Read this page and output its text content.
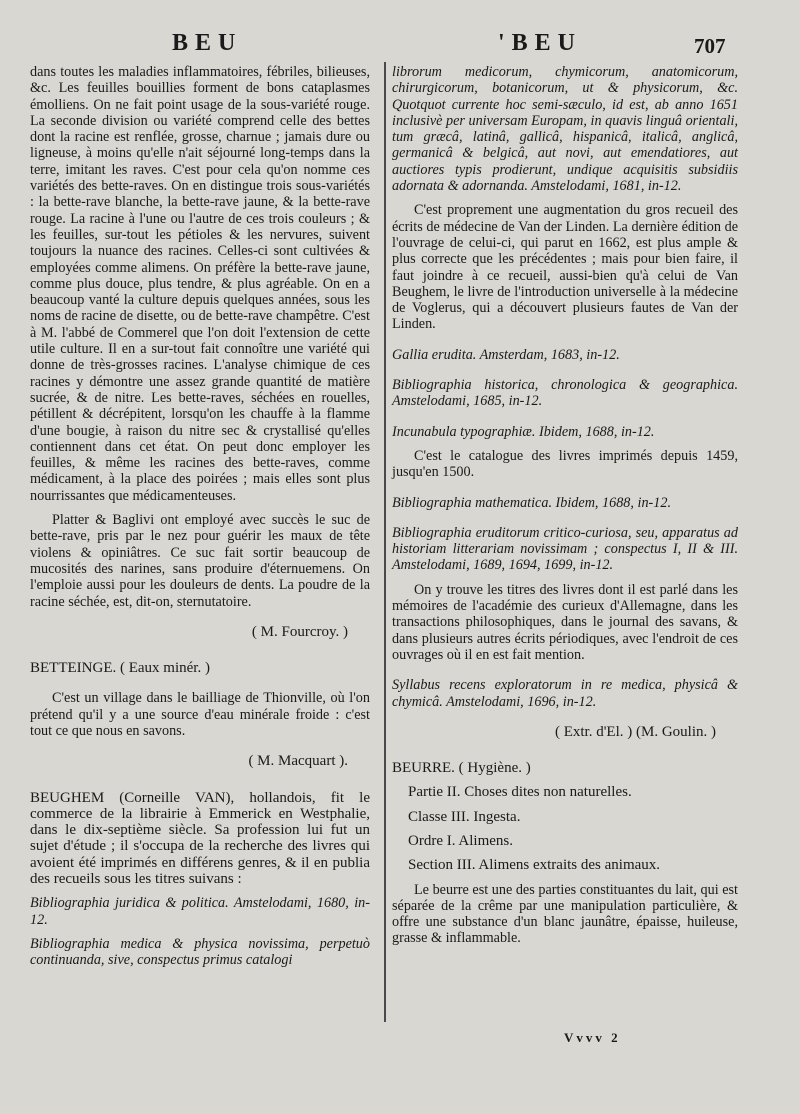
BEU	'BEU	707

dans toutes les maladies inflammatoires, fébriles, bilieuses, &c. Les feuilles bouillies forment de bons cataplasmes émolliens. On ne fait point usage de la sous-variété rouge. La seconde division ou variété comprend celle des bettes dont la racine est renflée, grosse, charnue ; jamais dure ou ligneuse, à moins qu'elle n'ait séjourné long-temps dans la terre, imitant les raves. C'est pour cela qu'on nomme ces variétés des bette-raves. On en distingue trois sous-variétés : la bette-rave blanche, la bette-rave jaune, & la bette-rave rouge. La racine à l'une ou l'autre de ces trois couleurs ; & les feuilles, sur-tout les pétioles & les nervures, suivent toujours la nuance des racines. Celles-ci sont cultivées & employées comme alimens. On préfère la bette-rave jaune, comme plus douce, plus tendre, & plus agréable. On en a beaucoup vanté la culture depuis quelques années, sous les noms de racine de disette, ou de bette-rave champêtre. C'est à M. l'abbé de Commerel que l'on doit l'extension de cette utile culture. Il en a sur-tout fait connoître une variété qui donne de très-grosses racines. L'analyse chimique de ces racines y démontre une assez grande quantité de matière sucrée, & de nitre. Les bette-raves, séchées en rouelles, pétillent & décrépitent, lorsqu'on les chauffe à la flamme d'une bougie, à raison du nitre sec & crystallisé qu'elles contiennent dans cet état. On peut donc employer les feuilles, & même les racines des bette-raves, comme médicament, à la place des poirées ; mais elles sont plus nourrissantes que médicamenteuses.

Platter & Baglivi ont employé avec succès le suc de bette-rave, pris par le nez pour guérir les maux de tête violens & opiniâtres. Ce suc fait sortir beaucoup de mucosités des narines, sans produire d'éternuemens. On l'emploie aussi pour les douleurs de dents. La poudre de la racine séchée, est, dit-on, sternutatoire.

( M. Fourcroy. )

BETTEINGE. ( Eaux minér. )

C'est un village dans le bailliage de Thionville, où l'on prétend qu'il y a une source d'eau minérale froide : c'est tout ce que nous en savons.

( M. Macquart ).

BEUGHEM (Corneille VAN), hollandois, fit le commerce de la librairie à Emmerick en Westphalie, dans le dix-septième siècle. Sa profession lui fut un sujet d'étude ; il s'occupa de la recherche des livres qui avoient été imprimés en différens genres, & il en publia des recueils sous les titres suivans :

Bibliographia juridica & politica. Amstelodami, 1680, in-12.

Bibliographia medica & physica novissima, perpetuò continuanda, sive, conspectus primus catalogi

librorum medicorum, chymicorum, anatomicorum, chirurgicorum, botanicorum, ut & physicorum, &c. Quotquot currente hoc semi-sæculo, id est, ab anno 1651 inclusivè per universam Europam, in quavis linguâ orientali, tum græcâ, latinâ, gallicâ, hispanicâ, italicâ, anglicâ, germanicâ & belgicâ, aut novi, aut emendatiores, aut auctiores typis prodierunt, undique acquisitis subsidiis adornata & adornanda. Amstelodami, 1681, in-12.

C'est proprement une augmentation du gros recueil des écrits de médecine de Van der Linden. La dernière édition de l'ouvrage de celui-ci, qui parut en 1662, est plus ample & plus correcte que les précédentes ; mais pour bien faire, il faut joindre à ce recueil, aussi-bien qu'à celui de Van Beughem, le livre de l'introduction universelle à la médecine de Voglerus, qui a découvert plusieurs fautes de Van der Linden.

Gallia erudita. Amsterdam, 1683, in-12.

Bibliographia historica, chronologica & geographica. Amstelodami, 1685, in-12.

Incunabula typographiæ. Ibidem, 1688, in-12.

C'est le catalogue des livres imprimés depuis 1459, jusqu'en 1500.

Bibliographia mathematica. Ibidem, 1688, in-12.

Bibliographia eruditorum critico-curiosa, seu, apparatus ad historiam litterariam novissimam ; conspectus I, II & III. Amstelodami, 1689, 1694, 1699, in-12.

On y trouve les titres des livres dont il est parlé dans les mémoires de l'académie des curieux d'Allemagne, dans les transactions philosophiques, dans le journal des savans, & dans plusieurs autres écrits périodiques, avec l'endroit de ces ouvrages où il en est fait mention.

Syllabus recens exploratorum in re medica, physicâ & chymicâ. Amstelodami, 1696, in-12.

( Extr. d'El. ) (M. Goulin. )

BEURRE. ( Hygiène. )

Partie II. Choses dites non naturelles.

Classe III. Ingesta.

Ordre I. Alimens.

Section III. Alimens extraits des animaux.

Le beurre est une des parties constituantes du lait, qui est séparée de la crême par une manipulation particulière, & offre une substance d'un blanc jaunâtre, épaisse, huileuse, grasse & inflammable.

Vvvv 2
